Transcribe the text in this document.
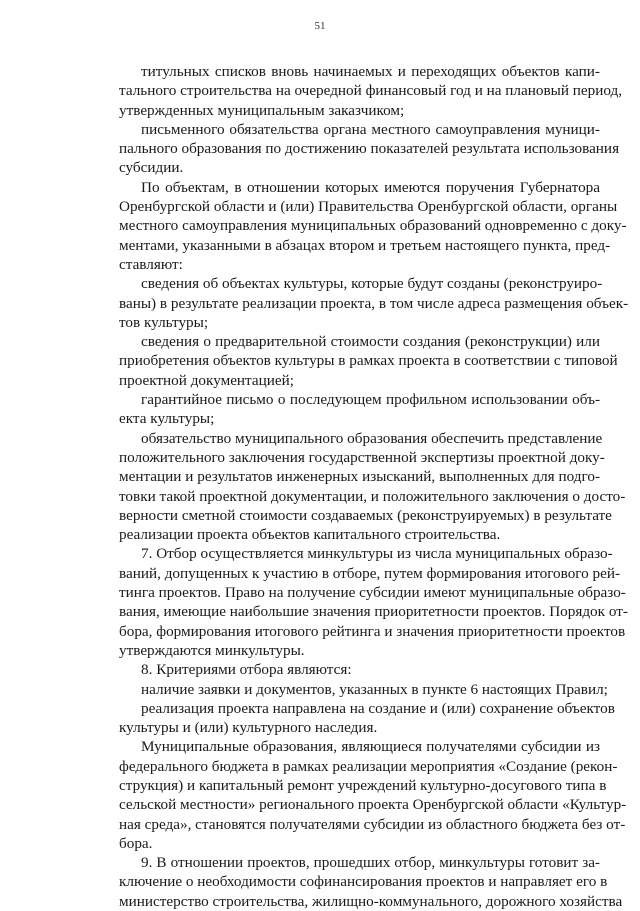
51
титульных списков вновь начинаемых и переходящих объектов капи-
тального строительства на очередной финансовый год и на плановый период,
утвержденных муниципальным заказчиком;
письменного обязательства органа местного самоуправления муници-
пального образования по достижению показателей результата использования
субсидии.
По объектам, в отношении которых имеются поручения Губернатора
Оренбургской области и (или) Правительства Оренбургской области, органы
местного самоуправления муниципальных образований одновременно с доку-
ментами, указанными в абзацах втором и третьем настоящего пункта, пред-
ставляют:
сведения об объектах культуры, которые будут созданы (реконструиро-
ваны) в результате реализации проекта, в том числе адреса размещения объек-
тов культуры;
сведения о предварительной стоимости создания (реконструкции) или
приобретения объектов культуры в рамках проекта в соответствии с типовой
проектной документацией;
гарантийное письмо о последующем профильном использовании объ-
екта культуры;
обязательство муниципального образования обеспечить представление
положительного заключения государственной экспертизы проектной доку-
ментации и результатов инженерных изысканий, выполненных для подго-
товки такой проектной документации, и положительного заключения о досто-
верности сметной стоимости создаваемых (реконструируемых) в результате
реализации проекта объектов капитального строительства.
7. Отбор осуществляется минкультуры из числа муниципальных образо-
ваний, допущенных к участию в отборе, путем формирования итогового рей-
тинга проектов. Право на получение субсидии имеют муниципальные образо-
вания, имеющие наибольшие значения приоритетности проектов. Порядок от-
бора, формирования итогового рейтинга и значения приоритетности проектов
утверждаются минкультуры.
8. Критериями отбора являются:
наличие заявки и документов, указанных в пункте 6 настоящих Правил;
реализация проекта направлена на создание и (или) сохранение объектов
культуры и (или) культурного наследия.
Муниципальные образования, являющиеся получателями субсидии из
федерального бюджета в рамках реализации мероприятия «Создание (рекон-
струкция) и капитальный ремонт учреждений культурно-досугового типа в
сельской местности» регионального проекта Оренбургской области «Культур-
ная среда», становятся получателями субсидии из областного бюджета без от-
бора.
9. В отношении проектов, прошедших отбор, минкультуры готовит за-
ключение о необходимости софинансирования проектов и направляет его в
министерство строительства, жилищно-коммунального, дорожного хозяйства
